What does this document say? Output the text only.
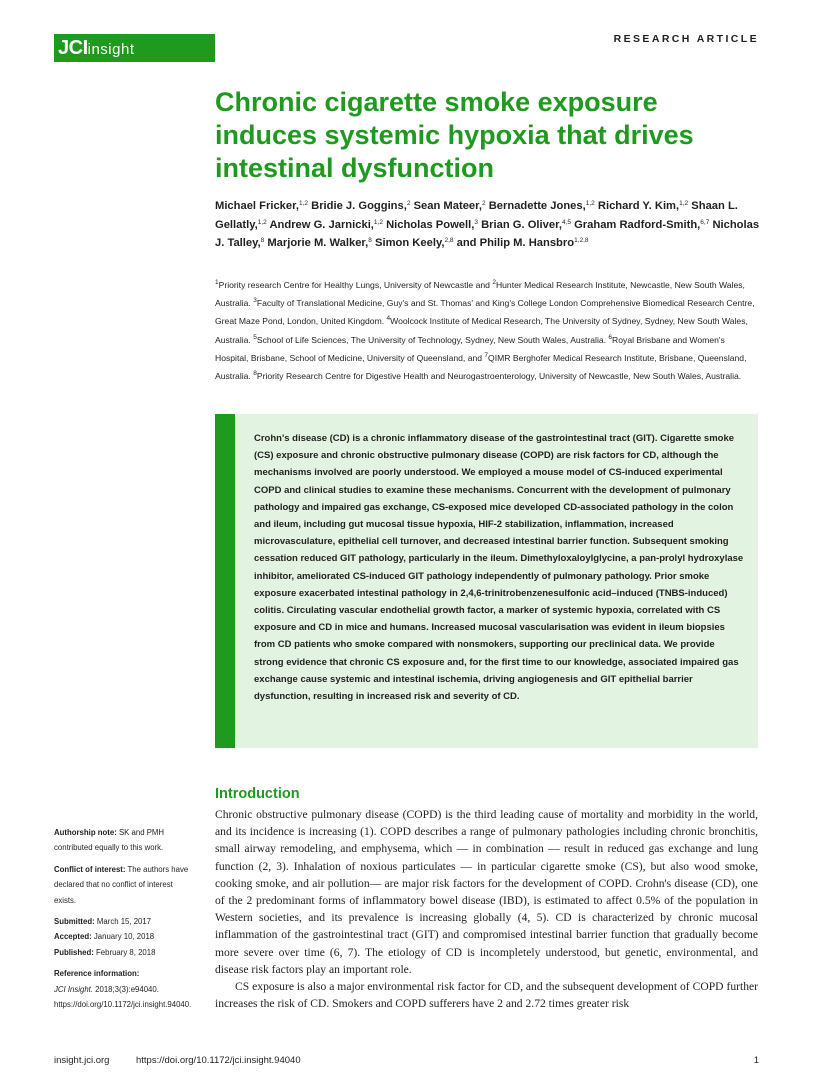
JCIinsight
RESEARCH ARTICLE
Chronic cigarette smoke exposure induces systemic hypoxia that drives intestinal dysfunction
Michael Fricker,$^{1,2}$ Bridie J. Goggins,$^2$ Sean Mateer,$^2$ Bernadette Jones,$^{1,2}$ Richard Y. Kim,$^{1,2}$ Shaan L. Gellatly,$^{1,2}$ Andrew G. Jarnicki,$^{1,2}$ Nicholas Powell,$^3$ Brian G. Oliver,$^{4,5}$ Graham Radford-Smith,$^{6,7}$ Nicholas J. Talley,$^8$ Marjorie M. Walker,$^8$ Simon Keely,$^{2,8}$ and Philip M. Hansbro$^{1,2,8}$
$^1$Priority research Centre for Healthy Lungs, University of Newcastle and $^2$Hunter Medical Research Institute, Newcastle, New South Wales, Australia. $^3$Faculty of Translational Medicine, Guy's and St. Thomas' and King's College London Comprehensive Biomedical Research Centre, Great Maze Pond, London, United Kingdom. $^4$Woolcock Institute of Medical Research, The University of Sydney, Sydney, New South Wales, Australia. $^5$School of Life Sciences, The University of Technology, Sydney, New South Wales, Australia. $^6$Royal Brisbane and Women's Hospital, Brisbane, School of Medicine, University of Queensland, and $^7$QIMR Berghofer Medical Research Institute, Brisbane, Queensland, Australia. $^8$Priority Research Centre for Digestive Health and Neurogastroenterology, University of Newcastle, New South Wales, Australia.
Crohn's disease (CD) is a chronic inflammatory disease of the gastrointestinal tract (GIT). Cigarette smoke (CS) exposure and chronic obstructive pulmonary disease (COPD) are risk factors for CD, although the mechanisms involved are poorly understood. We employed a mouse model of CS-induced experimental COPD and clinical studies to examine these mechanisms. Concurrent with the development of pulmonary pathology and impaired gas exchange, CS-exposed mice developed CD-associated pathology in the colon and ileum, including gut mucosal tissue hypoxia, HIF-2 stabilization, inflammation, increased microvasculature, epithelial cell turnover, and decreased intestinal barrier function. Subsequent smoking cessation reduced GIT pathology, particularly in the ileum. Dimethyloxaloylglycine, a pan-prolyl hydroxylase inhibitor, ameliorated CS-induced GIT pathology independently of pulmonary pathology. Prior smoke exposure exacerbated intestinal pathology in 2,4,6-trinitrobenzenesulfonic acid–induced (TNBS-induced) colitis. Circulating vascular endothelial growth factor, a marker of systemic hypoxia, correlated with CS exposure and CD in mice and humans. Increased mucosal vascularisation was evident in ileum biopsies from CD patients who smoke compared with nonsmokers, supporting our preclinical data. We provide strong evidence that chronic CS exposure and, for the first time to our knowledge, associated impaired gas exchange cause systemic and intestinal ischemia, driving angiogenesis and GIT epithelial barrier dysfunction, resulting in increased risk and severity of CD.
Introduction

Chronic obstructive pulmonary disease (COPD) is the third leading cause of mortality and morbidity in the world, and its incidence is increasing (1). COPD describes a range of pulmonary pathologies including chronic bronchitis, small airway remodeling, and emphysema, which — in combination — result in reduced gas exchange and lung function (2, 3). Inhalation of noxious particulates — in particular cigarette smoke (CS), but also wood smoke, cooking smoke, and air pollution— are major risk factors for the development of COPD. Crohn's disease (CD), one of the 2 predominant forms of inflammatory bowel disease (IBD), is estimated to affect 0.5% of the population in Western societies, and its prevalence is increasing globally (4, 5). CD is characterized by chronic mucosal inflammation of the gastrointestinal tract (GIT) and compromised intestinal barrier function that gradually become more severe over time (6, 7). The etiology of CD is incompletely understood, but genetic, environmental, and disease risk factors play an important role.

CS exposure is also a major environmental risk factor for CD, and the subsequent development of COPD further increases the risk of CD. Smokers and COPD sufferers have 2 and 2.72 times greater risk

Authorship note: SK and PMH contributed equally to this work.
Conflict of interest: The authors have declared that no conflict of interest exists.
Submitted: March 15, 2017
Accepted: January 10, 2018
Published: February 8, 2018
Reference information:
JCI Insight. 2018;3(3):e94040. https://doi.org/10.1172/jci.insight.94040.
insight.jci.org	https://doi.org/10.1172/jci.insight.94040	1
